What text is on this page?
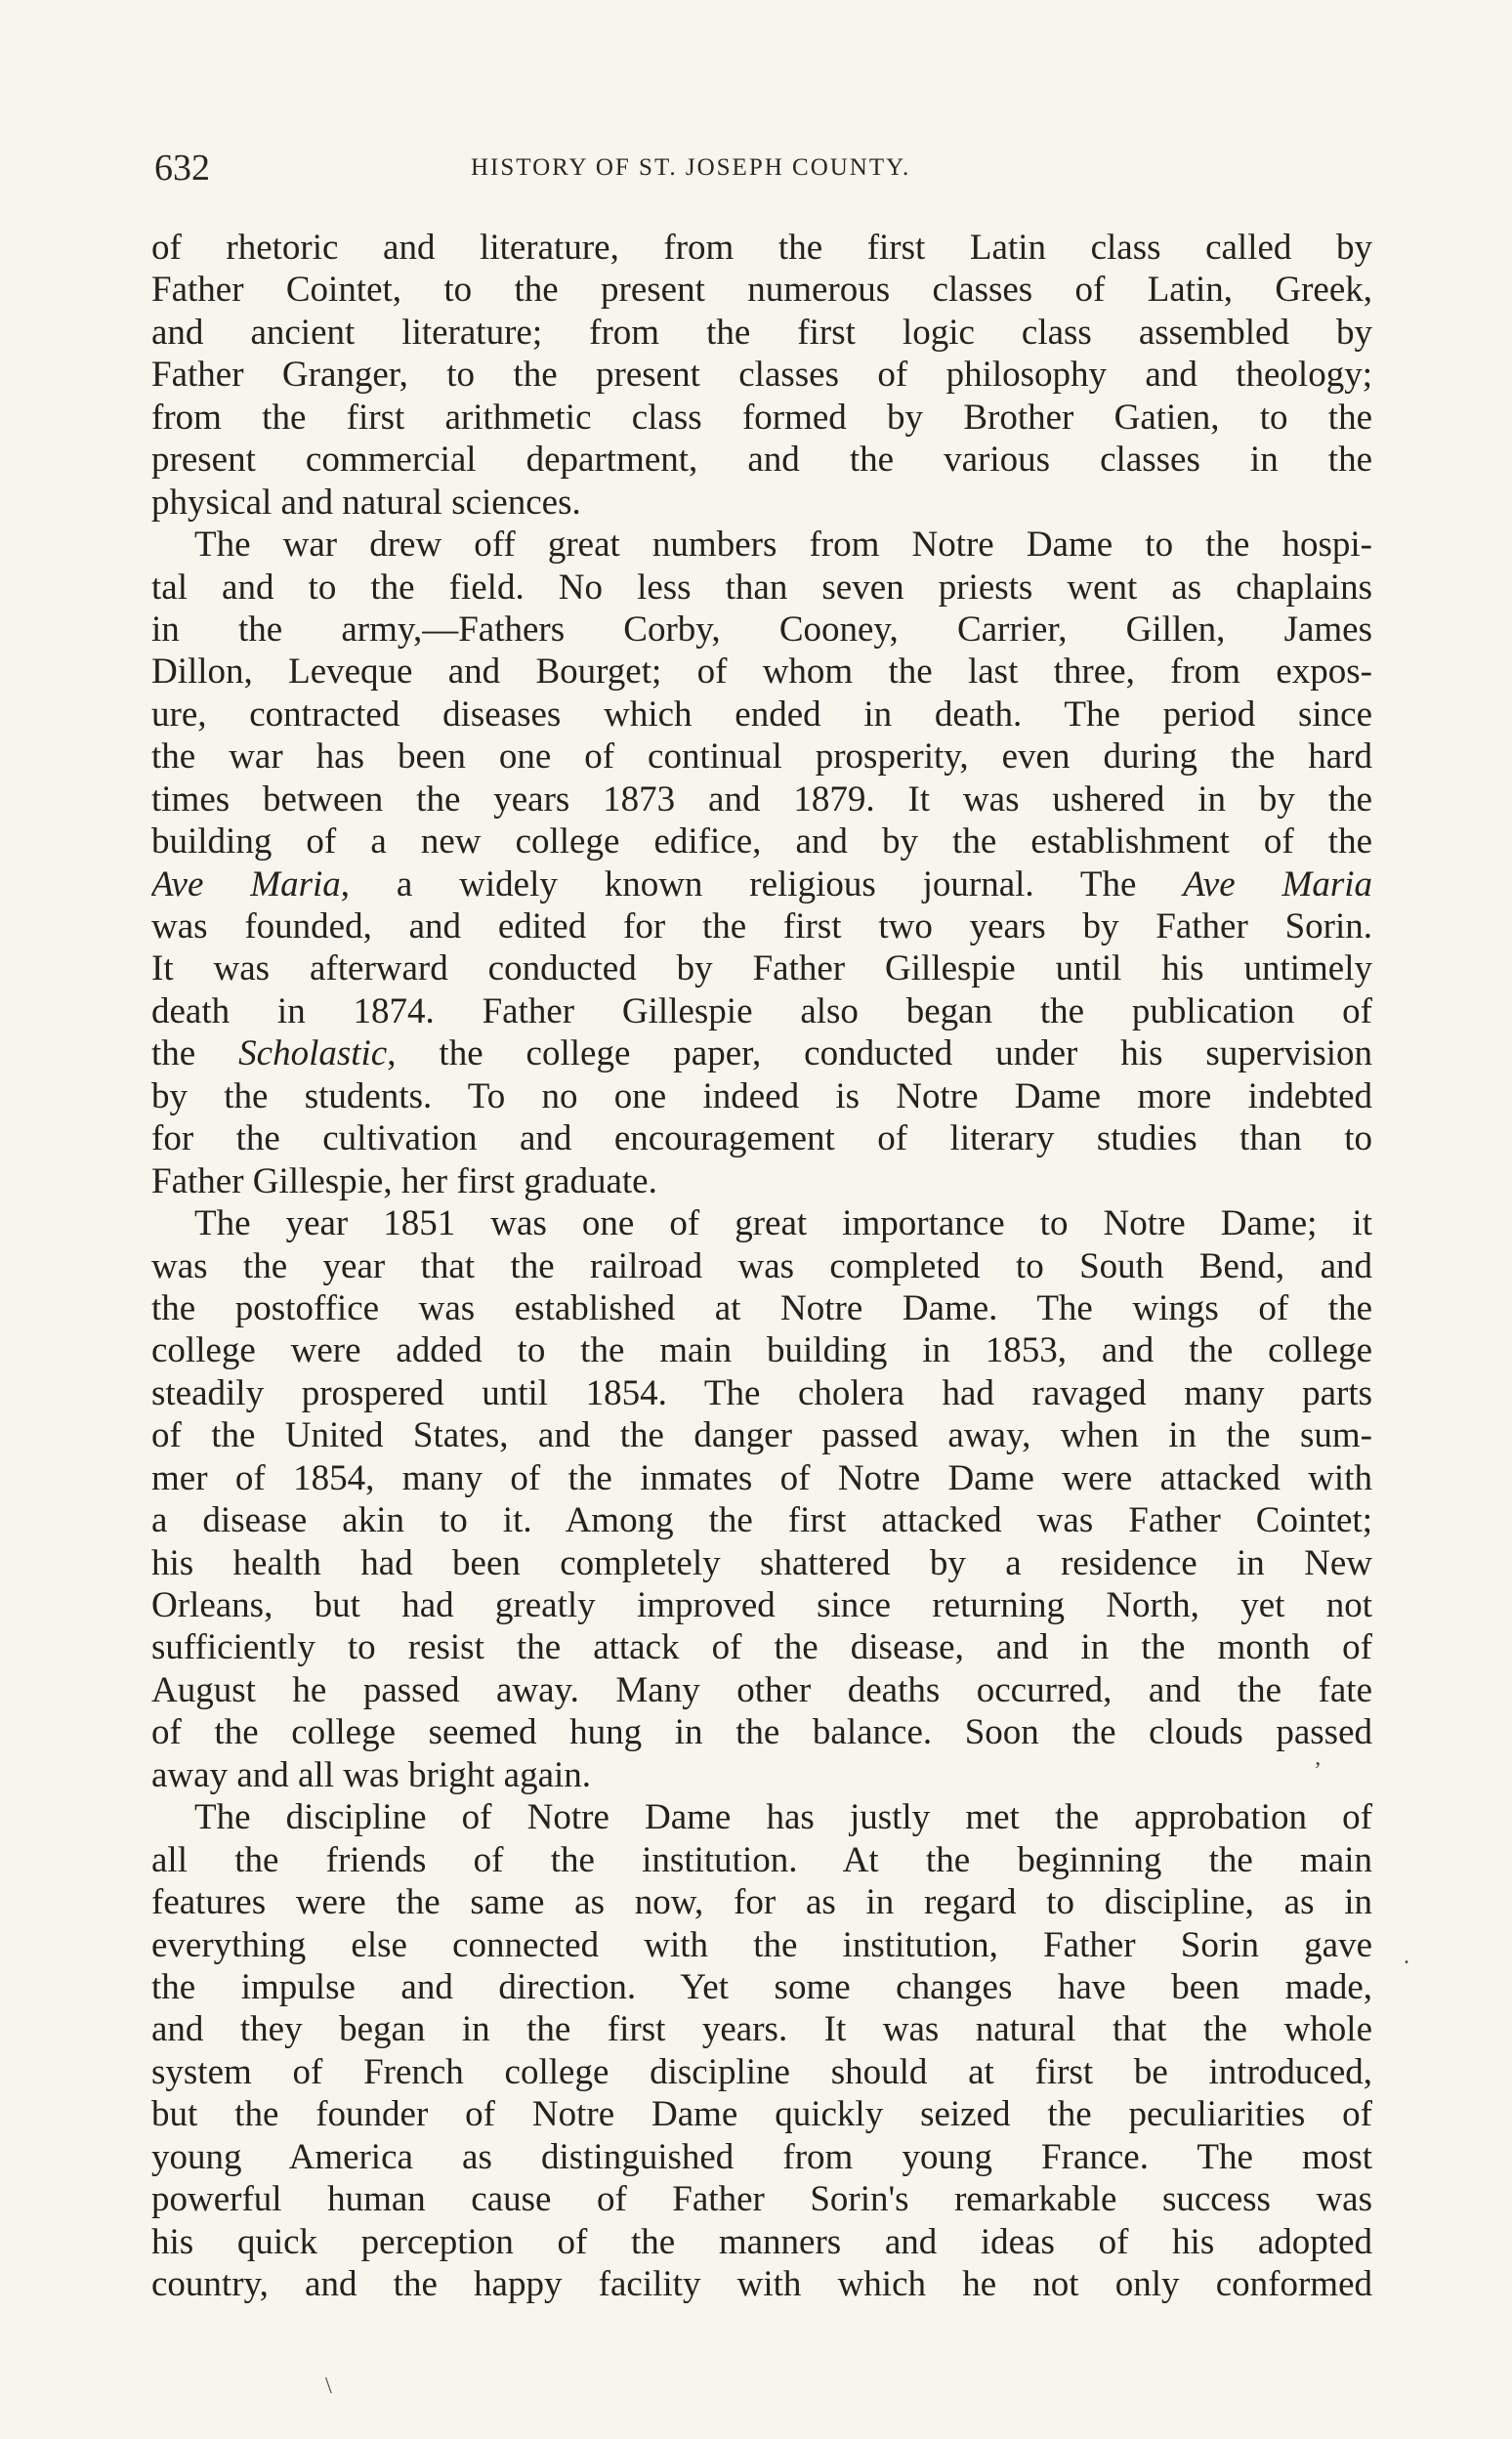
632	HISTORY OF ST. JOSEPH COUNTY.
of rhetoric and literature, from the first Latin class called by
Father Cointet, to the present numerous classes of Latin, Greek,
and ancient literature; from the first logic class assembled by
Father Granger, to the present classes of philosophy and theology;
from the first arithmetic class formed by Brother Gatien, to the
present commercial department, and the various classes in the
physical and natural sciences.
The war drew off great numbers from Notre Dame to the hospi-
tal and to the field. No less than seven priests went as chaplains
in the army,—Fathers Corby, Cooney, Carrier, Gillen, James
Dillon, Leveque and Bourget; of whom the last three, from expos-
ure, contracted diseases which ended in death. The period since
the war has been one of continual prosperity, even during the hard
times between the years 1873 and 1879. It was ushered in by the
building of a new college edifice, and by the establishment of the
Ave Maria, a widely known religious journal. The Ave Maria
was founded, and edited for the first two years by Father Sorin.
It was afterward conducted by Father Gillespie until his untimely
death in 1874. Father Gillespie also began the publication of
the Scholastic, the college paper, conducted under his supervision
by the students. To no one indeed is Notre Dame more indebted
for the cultivation and encouragement of literary studies than to
Father Gillespie, her first graduate.
The year 1851 was one of great importance to Notre Dame; it
was the year that the railroad was completed to South Bend, and
the postoffice was established at Notre Dame. The wings of the
college were added to the main building in 1853, and the college
steadily prospered until 1854. The cholera had ravaged many parts
of the United States, and the danger passed away, when in the sum-
mer of 1854, many of the inmates of Notre Dame were attacked with
a disease akin to it. Among the first attacked was Father Cointet;
his health had been completely shattered by a residence in New
Orleans, but had greatly improved since returning North, yet not
sufficiently to resist the attack of the disease, and in the month of
August he passed away. Many other deaths occurred, and the fate
of the college seemed hung in the balance. Soon the clouds passed
away and all was bright again.
The discipline of Notre Dame has justly met the approbation of
all the friends of the institution. At the beginning the main
features were the same as now, for as in regard to discipline, as in
everything else connected with the institution, Father Sorin gave
the impulse and direction. Yet some changes have been made,
and they began in the first years. It was natural that the whole
system of French college discipline should at first be introduced,
but the founder of Notre Dame quickly seized the peculiarities of
young America as distinguished from young France. The most
powerful human cause of Father Sorin's remarkable success was
his quick perception of the manners and ideas of his adopted
country, and the happy facility with which he not only conformed
’
.
\
